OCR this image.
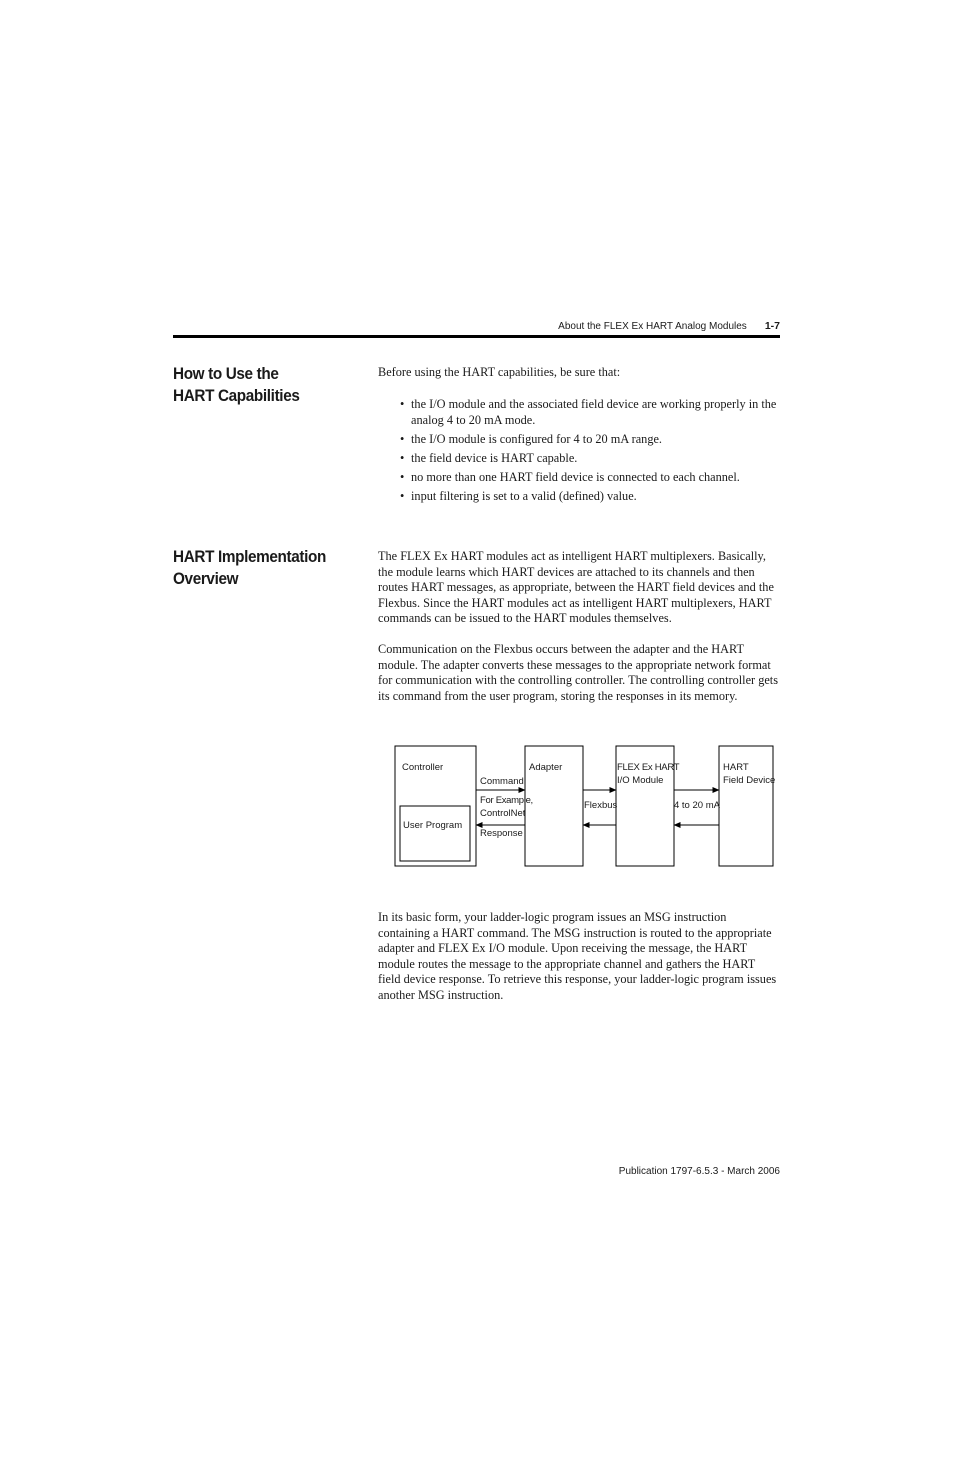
About the FLEX Ex HART Analog Modules 1-7
How to Use the
HART Capabilities

Before using the HART capabilities, be sure that:

• the I/O module and the associated field device are working properly in the analog 4 to 20 mA mode.
• the I/O module is configured for 4 to 20 mA range.
• the field device is HART capable.
• no more than one HART field device is connected to each channel.
• input filtering is set to a valid (defined) value.
HART Implementation
Overview

The FLEX Ex HART modules act as intelligent HART multiplexers. Basically, the module learns which HART devices are attached to its channels and then routes HART messages, as appropriate, between the HART field devices and the Flexbus. Since the HART modules act as intelligent HART multiplexers, HART commands can be issued to the HART modules themselves.

Communication on the Flexbus occurs between the adapter and the HART module. The adapter converts these messages to the appropriate network format for communication with the controlling controller. The controlling controller gets its command from the user program, storing the responses in its memory.

Controller
User Program
Adapter	FLEX Ex HART
I/O Module
HART
Field Device
Command
For Example,
ControlNet
Response
Flexbus	4 to 20 mA

In its basic form, your ladder-logic program issues an MSG instruction containing a HART command. The MSG instruction is routed to the appropriate adapter and FLEX Ex I/O module. Upon receiving the message, the HART module routes the message to the appropriate channel and gathers the HART field device response. To retrieve this response, your ladder-logic program issues another MSG instruction.

Publication 1797-6.5.3 - March 2006
